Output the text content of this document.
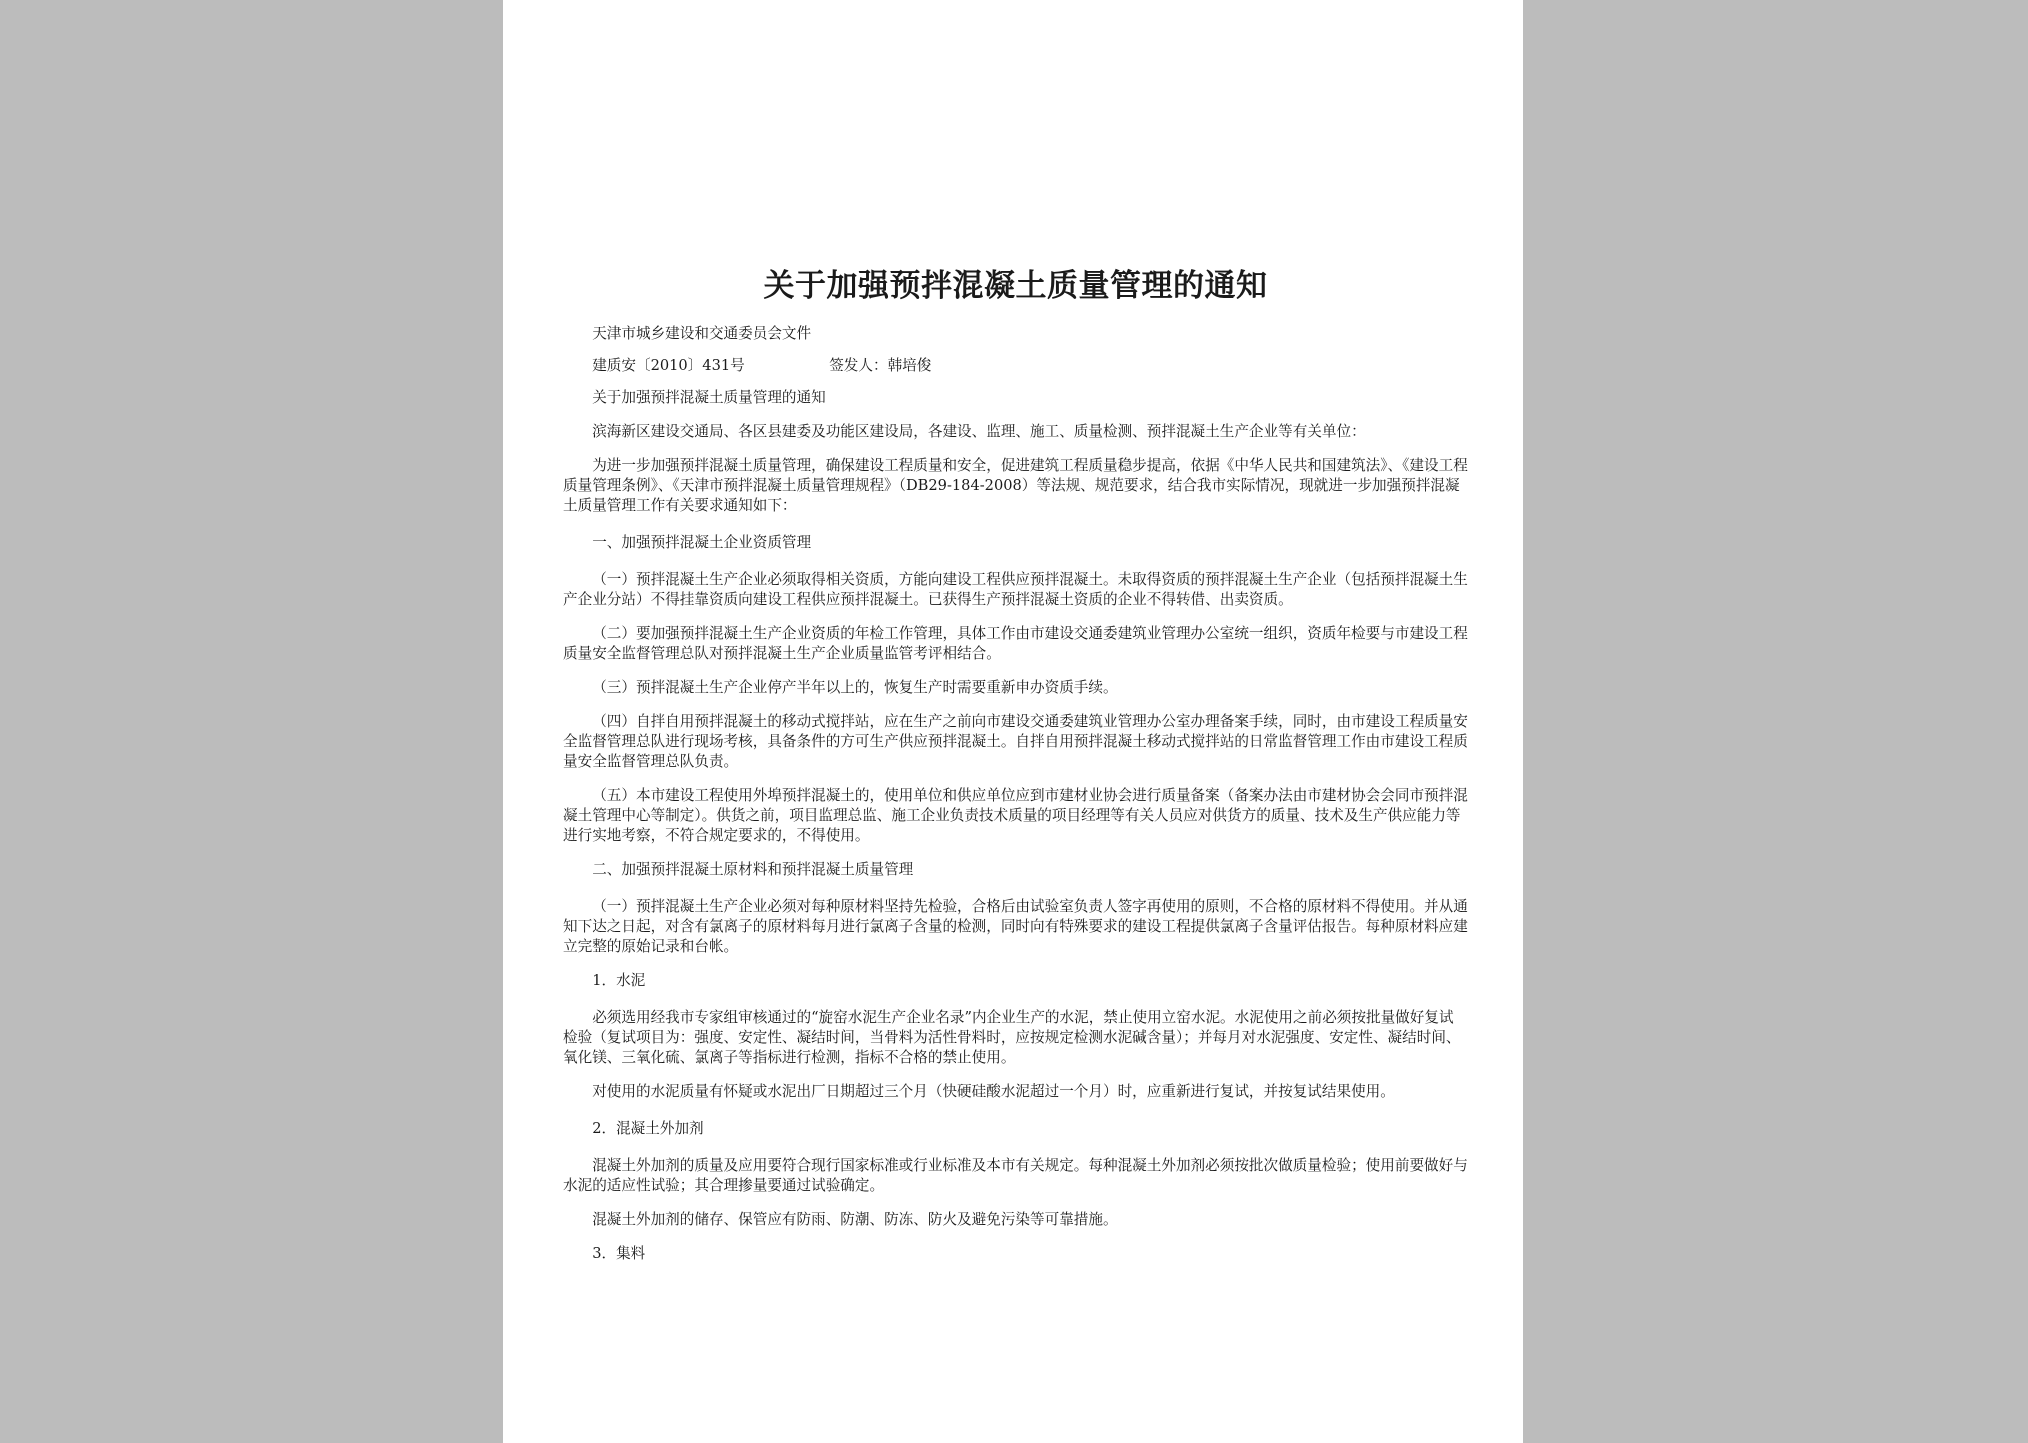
关于加强预拌混凝土质量管理的通知
天津市城乡建设和交通委员会文件
建质安〔2010〕431号	签发人：韩培俊
关于加强预拌混凝土质量管理的通知
滨海新区建设交通局、各区县建委及功能区建设局，各建设、监理、施工、质量检测、预拌混凝土生产企业等有关单位：
为进一步加强预拌混凝土质量管理，确保建设工程质量和安全，促进建筑工程质量稳步提高，依据《中华人民共和国建筑法》、《建设工程质量管理条例》、《天津市预拌混凝土质量管理规程》（DB29-184-2008）等法规、规范要求，结合我市实际情况，现就进一步加强预拌混凝土质量管理工作有关要求通知如下：
一、加强预拌混凝土企业资质管理
（一）预拌混凝土生产企业必须取得相关资质，方能向建设工程供应预拌混凝土。未取得资质的预拌混凝土生产企业（包括预拌混凝土生产企业分站）不得挂靠资质向建设工程供应预拌混凝土。已获得生产预拌混凝土资质的企业不得转借、出卖资质。
（二）要加强预拌混凝土生产企业资质的年检工作管理，具体工作由市建设交通委建筑业管理办公室统一组织，资质年检要与市建设工程质量安全监督管理总队对预拌混凝土生产企业质量监管考评相结合。
（三）预拌混凝土生产企业停产半年以上的，恢复生产时需要重新申办资质手续。
（四）自拌自用预拌混凝土的移动式搅拌站，应在生产之前向市建设交通委建筑业管理办公室办理备案手续，同时，由市建设工程质量安全监督管理总队进行现场考核，具备条件的方可生产供应预拌混凝土。自拌自用预拌混凝土移动式搅拌站的日常监督管理工作由市建设工程质量安全监督管理总队负责。
（五）本市建设工程使用外埠预拌混凝土的，使用单位和供应单位应到市建材业协会进行质量备案（备案办法由市建材协会会同市预拌混凝土管理中心等制定）。供货之前，项目监理总监、施工企业负责技术质量的项目经理等有关人员应对供货方的质量、技术及生产供应能力等进行实地考察，不符合规定要求的，不得使用。
二、加强预拌混凝土原材料和预拌混凝土质量管理
（一）预拌混凝土生产企业必须对每种原材料坚持先检验，合格后由试验室负责人签字再使用的原则，不合格的原材料不得使用。并从通知下达之日起，对含有氯离子的原材料每月进行氯离子含量的检测，同时向有特殊要求的建设工程提供氯离子含量评估报告。每种原材料应建立完整的原始记录和台帐。
1．水泥
必须选用经我市专家组审核通过的“旋窑水泥生产企业名录”内企业生产的水泥，禁止使用立窑水泥。水泥使用之前必须按批量做好复试检验（复试项目为：强度、安定性、凝结时间，当骨料为活性骨料时，应按规定检测水泥碱含量）；并每月对水泥强度、安定性、凝结时间、氧化镁、三氧化硫、氯离子等指标进行检测，指标不合格的禁止使用。
对使用的水泥质量有怀疑或水泥出厂日期超过三个月（快硬硅酸水泥超过一个月）时，应重新进行复试，并按复试结果使用。
2．混凝土外加剂
混凝土外加剂的质量及应用要符合现行国家标准或行业标准及本市有关规定。每种混凝土外加剂必须按批次做质量检验；使用前要做好与水泥的适应性试验；其合理掺量要通过试验确定。
混凝土外加剂的储存、保管应有防雨、防潮、防冻、防火及避免污染等可靠措施。
3．集料
